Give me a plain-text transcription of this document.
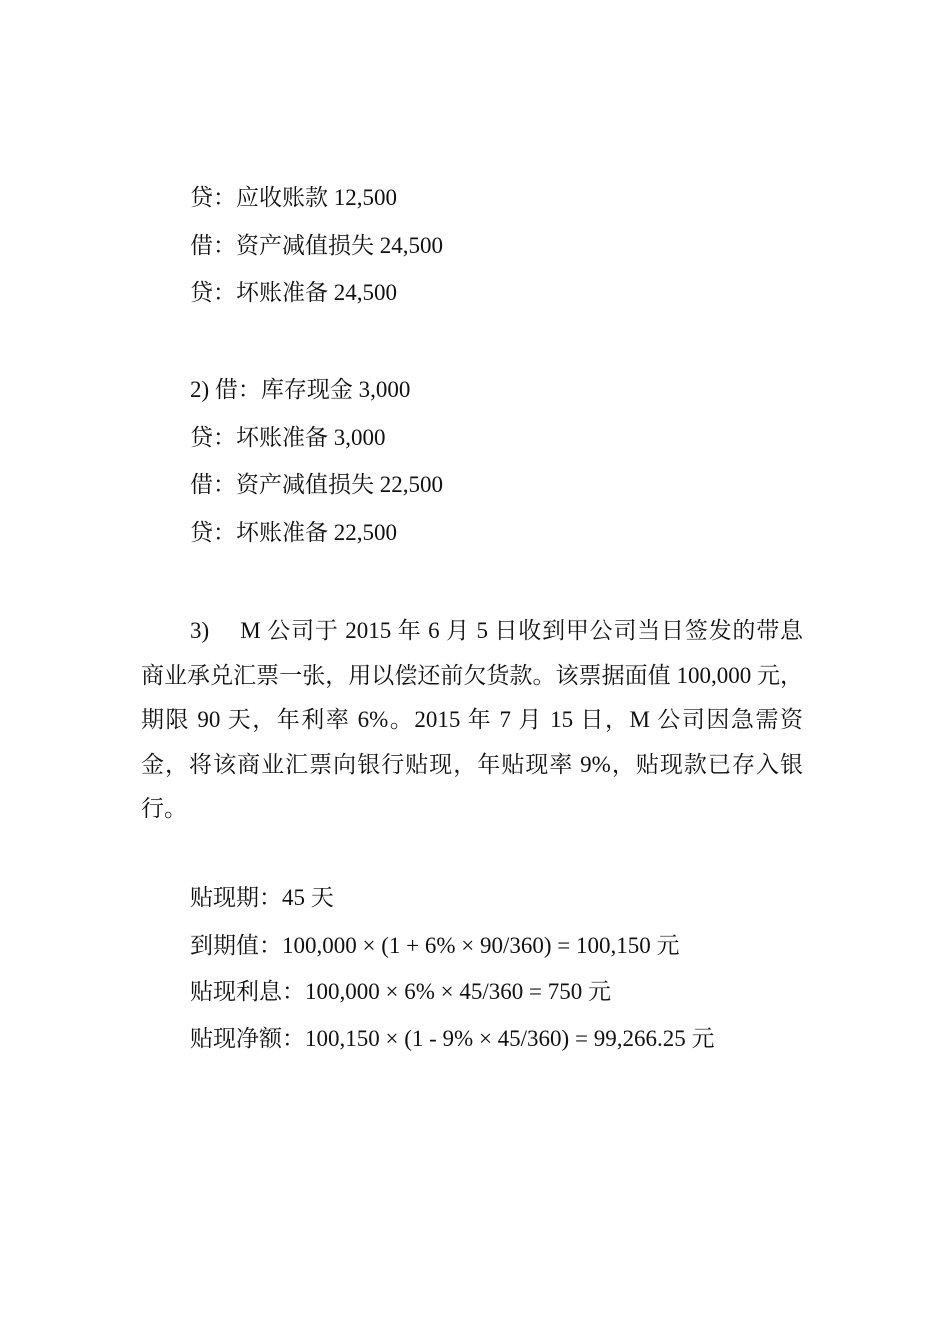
贷：应收账款 12,500
借：资产减值损失 24,500
贷：坏账准备 24,500
2) 借：库存现金 3,000
贷：坏账准备 3,000
借：资产减值损失 22,500
贷：坏账准备 22,500
3)　 M 公司于 2015 年 6 月 5 日收到甲公司当日签发的带息商业承兑汇票一张，用以偿还前欠货款。该票据面值 100,000 元，期限 90 天，年利率 6%。2015 年 7 月 15 日，M 公司因急需资金，将该商业汇票向银行贴现，年贴现率 9%，贴现款已存入银行。
贴现期：45 天
到期值：100,000 × (1 + 6% × 90/360) = 100,150 元
贴现利息：100,000 × 6% × 45/360 = 750 元
贴现净额：100,150 × (1 - 9% × 45/360) = 99,266.25 元
